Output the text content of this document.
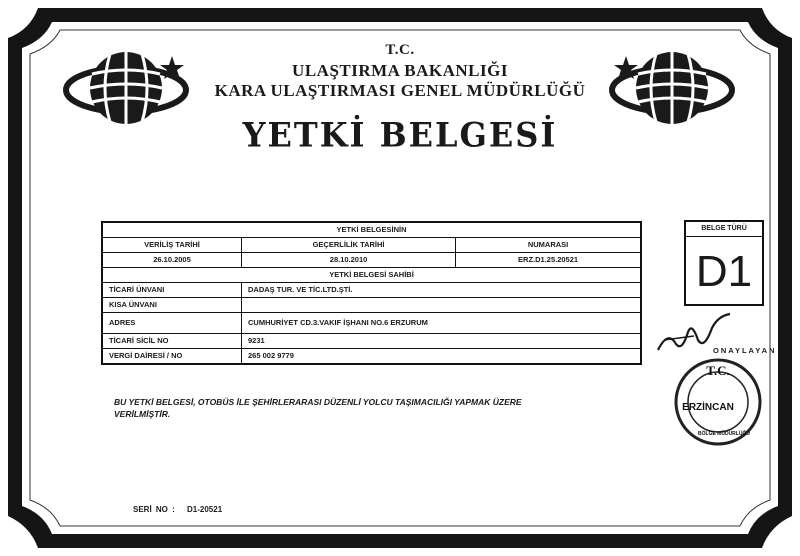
T.C.
ULAŞTIRMA BAKANLIĞI
KARA ULAŞTIRMASI GENEL MÜDÜRLÜĞÜ
YETKİ BELGESİ
YETKİ BELGESİNİN		
VERİLİŞ TARİHİ	GEÇERLİLİK TARİHİ	NUMARASI
26.10.2005	28.10.2010	ERZ.D1.25.20521
YETKİ BELGESİ SAHİBİ		
TİCARİ ÜNVANI	DADAŞ TUR. VE TİC.LTD.ŞTİ.	
KISA ÜNVANI		
ADRES	CUMHURİYET CD.3.VAKIF İŞHANI NO.6 ERZURUM	
TİCARİ SİCİL NO	9231	
VERGİ DAİRESİ / NO	265 002 9779	
BELGE TÜRÜ
D1
ONAYLAYAN
T.C.
ERZİNCAN
BÖLGE MÜDÜRLÜĞÜ
BU YETKİ BELGESİ, OTOBÜS İLE ŞEHİRLERARASI DÜZENLİ YOLCU TAŞIMACILIĞI YAPMAK ÜZERE
VERİLMİŞTİR.
SERİ NO : D1-20521
